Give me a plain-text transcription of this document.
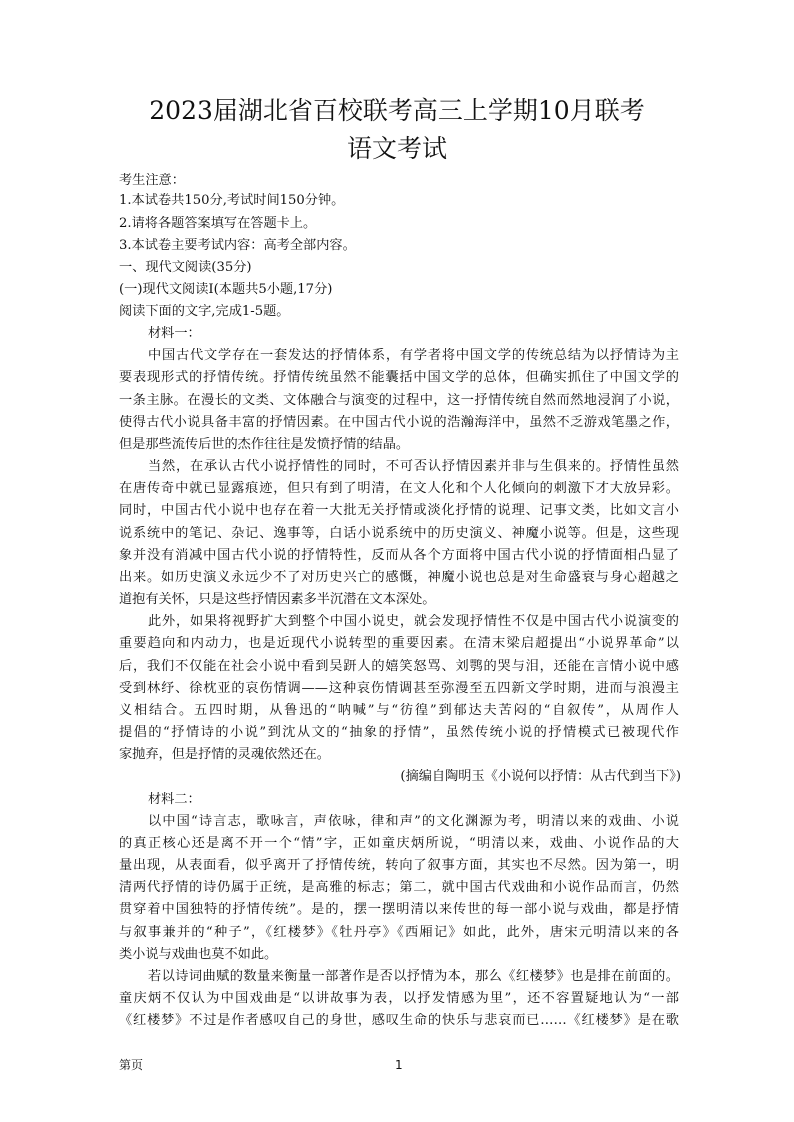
2023届湖北省百校联考高三上学期10月联考
语文考试
考生注意：
1.本试卷共150分,考试时间150分钟。
2.请将各题答案填写在答题卡上。
3.本试卷主要考试内容：高考全部内容。
一、现代文阅读(35分)
(一)现代文阅读Ⅰ(本题共5小题,17分)
阅读下面的文字,完成1-5题。
材料一：
中国古代文学存在一套发达的抒情体系，有学者将中国文学的传统总结为以抒情诗为主
要表现形式的抒情传统。抒情传统虽然不能囊括中国文学的总体，但确实抓住了中国文学的
一条主脉。在漫长的文类、文体融合与演变的过程中，这一抒情传统自然而然地浸润了小说，
使得古代小说具备丰富的抒情因素。在中国古代小说的浩瀚海洋中，虽然不乏游戏笔墨之作，
但是那些流传后世的杰作往往是发愤抒情的结晶。
当然，在承认古代小说抒情性的同时，不可否认抒情因素并非与生俱来的。抒情性虽然
在唐传奇中就已显露痕迹，但只有到了明清，在文人化和个人化倾向的刺激下才大放异彩。
同时，中国古代小说中也存在着一大批无关抒情或淡化抒情的说理、记事文类，比如文言小
说系统中的笔记、杂记、逸事等，白话小说系统中的历史演义、神魔小说等。但是，这些现
象并没有消减中国古代小说的抒情特性，反而从各个方面将中国古代小说的抒情面相凸显了
出来。如历史演义永远少不了对历史兴亡的感慨，神魔小说也总是对生命盛衰与身心超越之
道抱有关怀，只是这些抒情因素多半沉潜在文本深处。
此外，如果将视野扩大到整个中国小说史，就会发现抒情性不仅是中国古代小说演变的
重要趋向和内动力，也是近现代小说转型的重要因素。在清末梁启超提出“小说界革命”以
后，我们不仅能在社会小说中看到吴趼人的嬉笑怒骂、刘鹗的哭与泪，还能在言情小说中感
受到林纾、徐枕亚的哀伤情调——这种哀伤情调甚至弥漫至五四新文学时期，进而与浪漫主
义相结合。五四时期，从鲁迅的“呐喊”与“彷徨”到郁达夫苦闷的“自叙传”，从周作人
提倡的“抒情诗的小说”到沈从文的“抽象的抒情”，虽然传统小说的抒情模式已被现代作
家抛弃，但是抒情的灵魂依然还在。
(摘编自陶明玉《小说何以抒情：从古代到当下》)
材料二：
以中国“诗言志，歌咏言，声依咏，律和声”的文化渊源为考，明清以来的戏曲、小说
的真正核心还是离不开一个“情”字，正如童庆炳所说，“明清以来，戏曲、小说作品的大
量出现，从表面看，似乎离开了抒情传统，转向了叙事方面，其实也不尽然。因为第一，明
清两代抒情的诗仍属于正统，是高雅的标志；第二，就中国古代戏曲和小说作品而言，仍然
贯穿着中国独特的抒情传统”。是的，摆一摆明清以来传世的每一部小说与戏曲，都是抒情
与叙事兼并的“种子”，《红楼梦》《牡丹亭》《西厢记》如此，此外，唐宋元明清以来的各
类小说与戏曲也莫不如此。
若以诗词曲赋的数量来衡量一部著作是否以抒情为本，那么《红楼梦》也是排在前面的。
童庆炳不仅认为中国戏曲是“以讲故事为表，以抒发情感为里”，还不容置疑地认为“一部
《红楼梦》不过是作者感叹自己的身世，感叹生命的快乐与悲哀而已……《红楼梦》是在歌
第页	1
